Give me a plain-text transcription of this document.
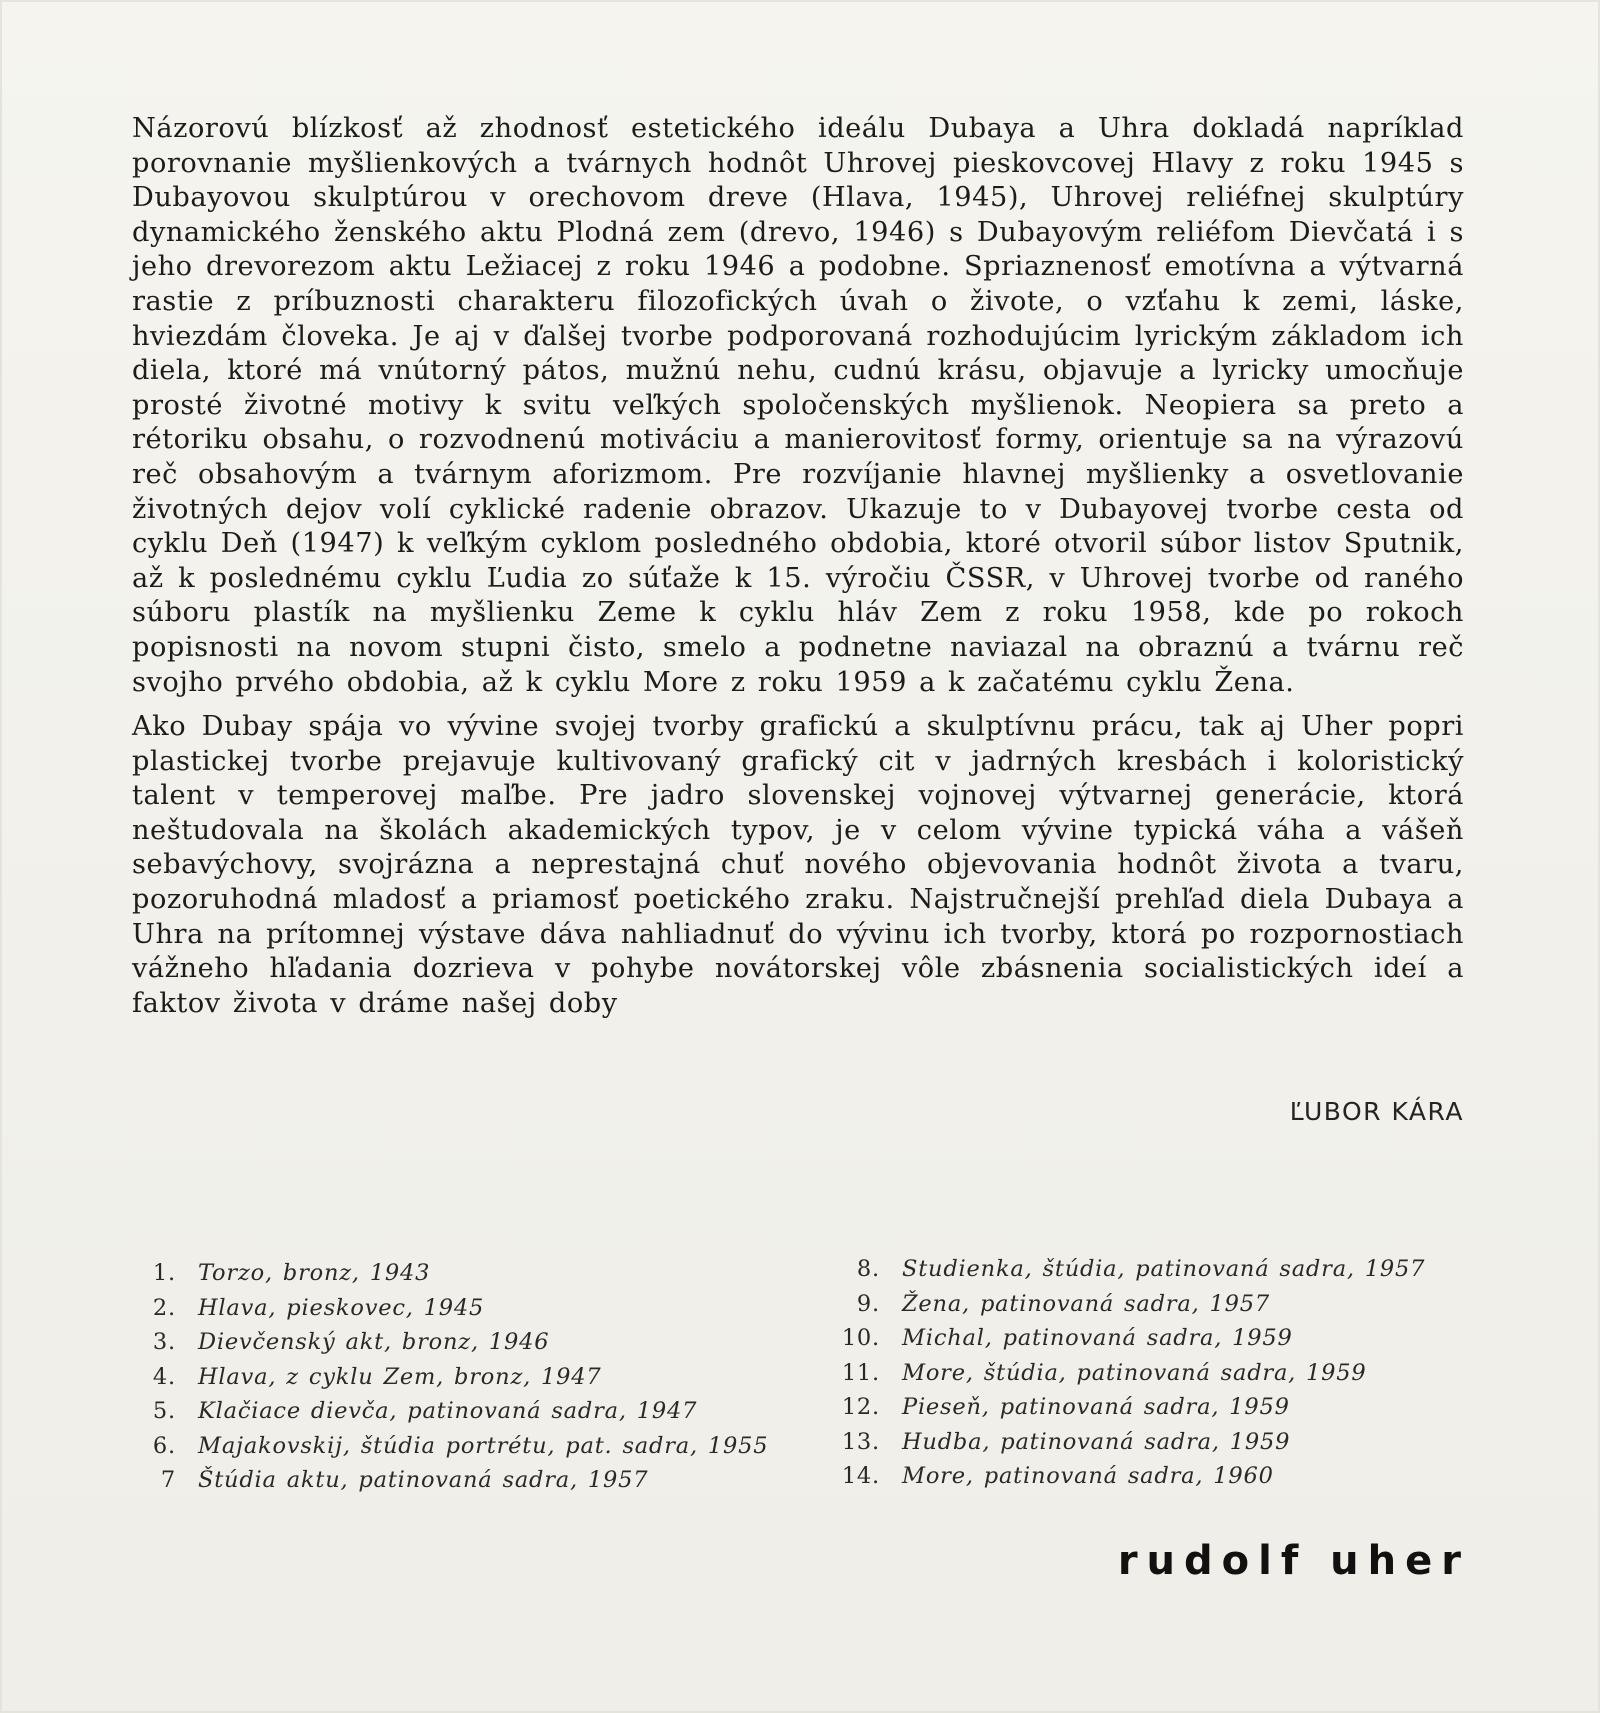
Názorovú blízkosť až zhodnosť estetického ideálu Dubaya a Uhra dokladá napríklad porovnanie myšlienkových a tvárnych hodnôt Uhrovej pieskovcovej Hlavy z roku 1945 s Dubayovou skulptúrou v orechovom dreve (Hlava, 1945), Uhrovej reliéfnej skulptúry dynamického ženského aktu Plodná zem (drevo, 1946) s Dubayovým reliéfom Dievčatá i s jeho drevorezom aktu Ležiacej z roku 1946 a podobne. Spriaznenosť emotívna a výtvarná rastie z príbuznosti charakteru filozofických úvah o živote, o vzťahu k zemi, láske, hviezdám človeka. Je aj v ďalšej tvorbe podporovaná rozhodujúcim lyrickým základom ich diela, ktoré má vnútorný pátos, mužnú nehu, cudnú krásu, objavuje a lyricky umocňuje prosté životné motivy k svitu veľkých spoločenských myšlienok. Neopiera sa preto a rétoriku obsahu, o rozvodnenú motiváciu a manierovitosť formy, orientuje sa na výrazovú reč obsahovým a tvárnym aforizmom. Pre rozvíjanie hlavnej myšlienky a osvetlovanie životných dejov volí cyklické radenie obrazov. Ukazuje to v Dubayovej tvorbe cesta od cyklu Deň (1947) k veľkým cyklom posledného obdobia, ktoré otvoril súbor listov Sputnik, až k poslednému cyklu Ľudia zo súťaže k 15. výročiu ČSSR, v Uhrovej tvorbe od raného súboru plastík na myšlienku Zeme k cyklu hláv Zem z roku 1958, kde po rokoch popisnosti na novom stupni čisto, smelo a podnetne naviazal na obraznú a tvárnu reč svojho prvého obdobia, až k cyklu More z roku 1959 a k začatému cyklu Žena.

Ako Dubay spája vo vývine svojej tvorby grafickú a skulptívnu prácu, tak aj Uher popri plastickej tvorbe prejavuje kultivovaný grafický cit v jadrných kresbách i koloristický talent v temperovej maľbe. Pre jadro slovenskej vojnovej výtvarnej generácie, ktorá neštudovala na školách akademických typov, je v celom vývine typická váha a vášeň sebavýchovy, svojrázna a neprestajná chuť nového objevovania hodnôt života a tvaru, pozoruhodná mladosť a priamosť poetického zraku. Najstručnejší prehľad diela Dubaya a Uhra na prítomnej výstave dáva nahliadnuť do vývinu ich tvorby, ktorá po rozpornostiach vážneho hľadania dozrieva v pohybe novátorskej vôle zbásnenia socialistických ideí a faktov života v dráme našej doby

ĽUBOR KÁRA
1. Torzo, bronz, 1943
2. Hlava, pieskovec, 1945
3. Dievčenský akt, bronz, 1946
4. Hlava, z cyklu Zem, bronz, 1947
5. Klačiace dievča, patinovaná sadra, 1947
6. Majakovskij, štúdia portrétu, pat. sadra, 1955
7 Štúdia aktu, patinovaná sadra, 1957
8. Studienka, štúdia, patinovaná sadra, 1957
9. Žena, patinovaná sadra, 1957
10. Michal, patinovaná sadra, 1959
11. More, štúdia, patinovaná sadra, 1959
12. Pieseň, patinovaná sadra, 1959
13. Hudba, patinovaná sadra, 1959
14. More, patinovaná sadra, 1960
rudolf uher
